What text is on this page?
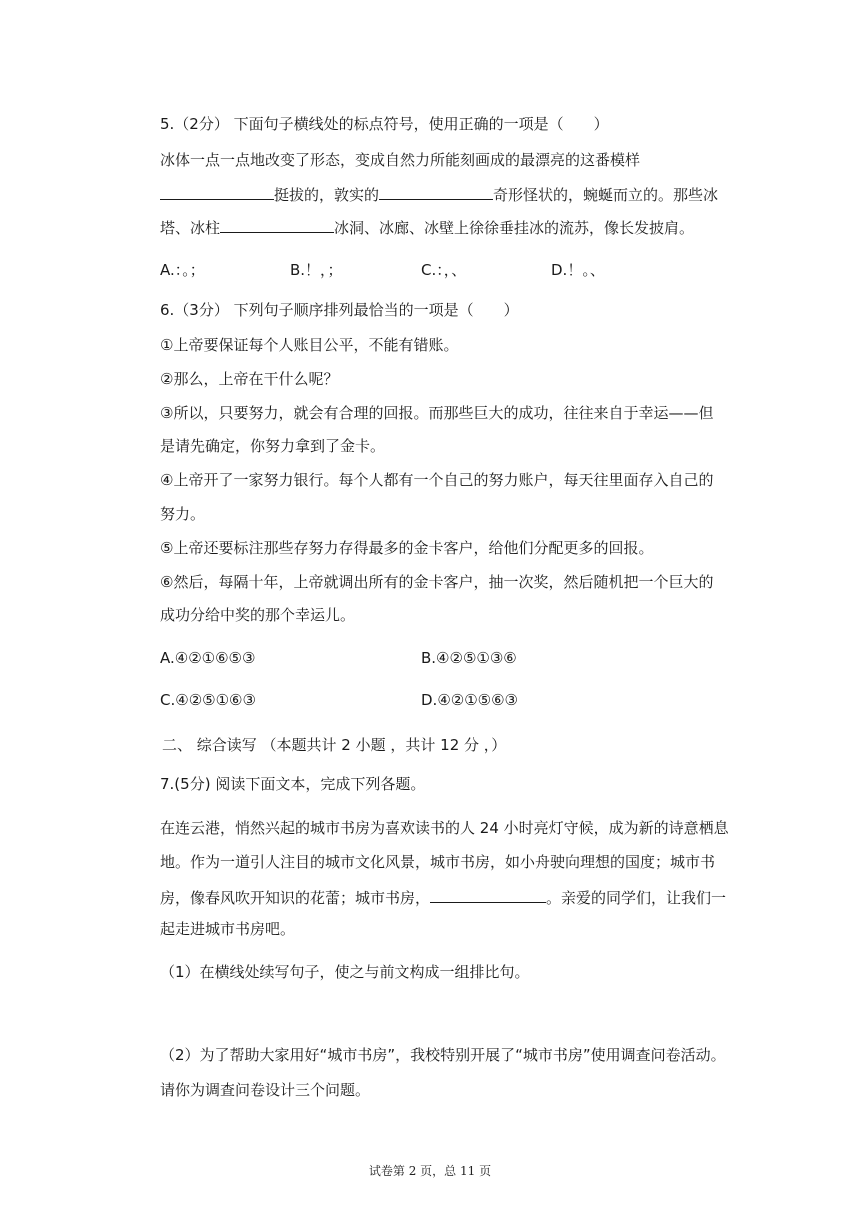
5.（2分） 下面句子横线处的标点符号，使用正确的一项是（　　）
冰体一点一点地改变了形态，变成自然力所能刻画成的最漂亮的这番模样
挺拔的，敦实的	奇形怪状的，蜿蜒而立的。那些冰
塔、冰柱	冰洞、冰廊、冰壁上徐徐垂挂冰的流苏，像长发披肩。
A.：。；	B.！，；	C.：，、	D.！。、
6.（3分） 下列句子顺序排列最恰当的一项是（　　）
①上帝要保证每个人账目公平，不能有错账。
②那么，上帝在干什么呢？
③所以，只要努力，就会有合理的回报。而那些巨大的成功，往往来自于幸运——但
是请先确定，你努力拿到了金卡。
④上帝开了一家努力银行。每个人都有一个自己的努力账户，每天往里面存入自己的
努力。
⑤上帝还要标注那些存努力存得最多的金卡客户，给他们分配更多的回报。
⑥然后，每隔十年，上帝就调出所有的金卡客户，抽一次奖，然后随机把一个巨大的
成功分给中奖的那个幸运儿。
A.④②①⑥⑤③	B.④②⑤①③⑥
C.④②⑤①⑥③	D.④②①⑤⑥③
二、 综合读写 （本题共计 2 小题 ，共计 12 分 ，）
7.(5分) 阅读下面文本，完成下列各题。
在连云港，悄然兴起的城市书房为喜欢读书的人 24 小时亮灯守候，成为新的诗意栖息
地。作为一道引人注目的城市文化风景，城市书房，如小舟驶向理想的国度；城市书
房，像春风吹开知识的花蕾；城市书房，	。亲爱的同学们，让我们一
起走进城市书房吧。
（1）在横线处续写句子，使之与前文构成一组排比句。
（2）为了帮助大家用好“城市书房”，我校特别开展了“城市书房”使用调查问卷活动。
请你为调查问卷设计三个问题。
试卷第 2 页，总 11 页
